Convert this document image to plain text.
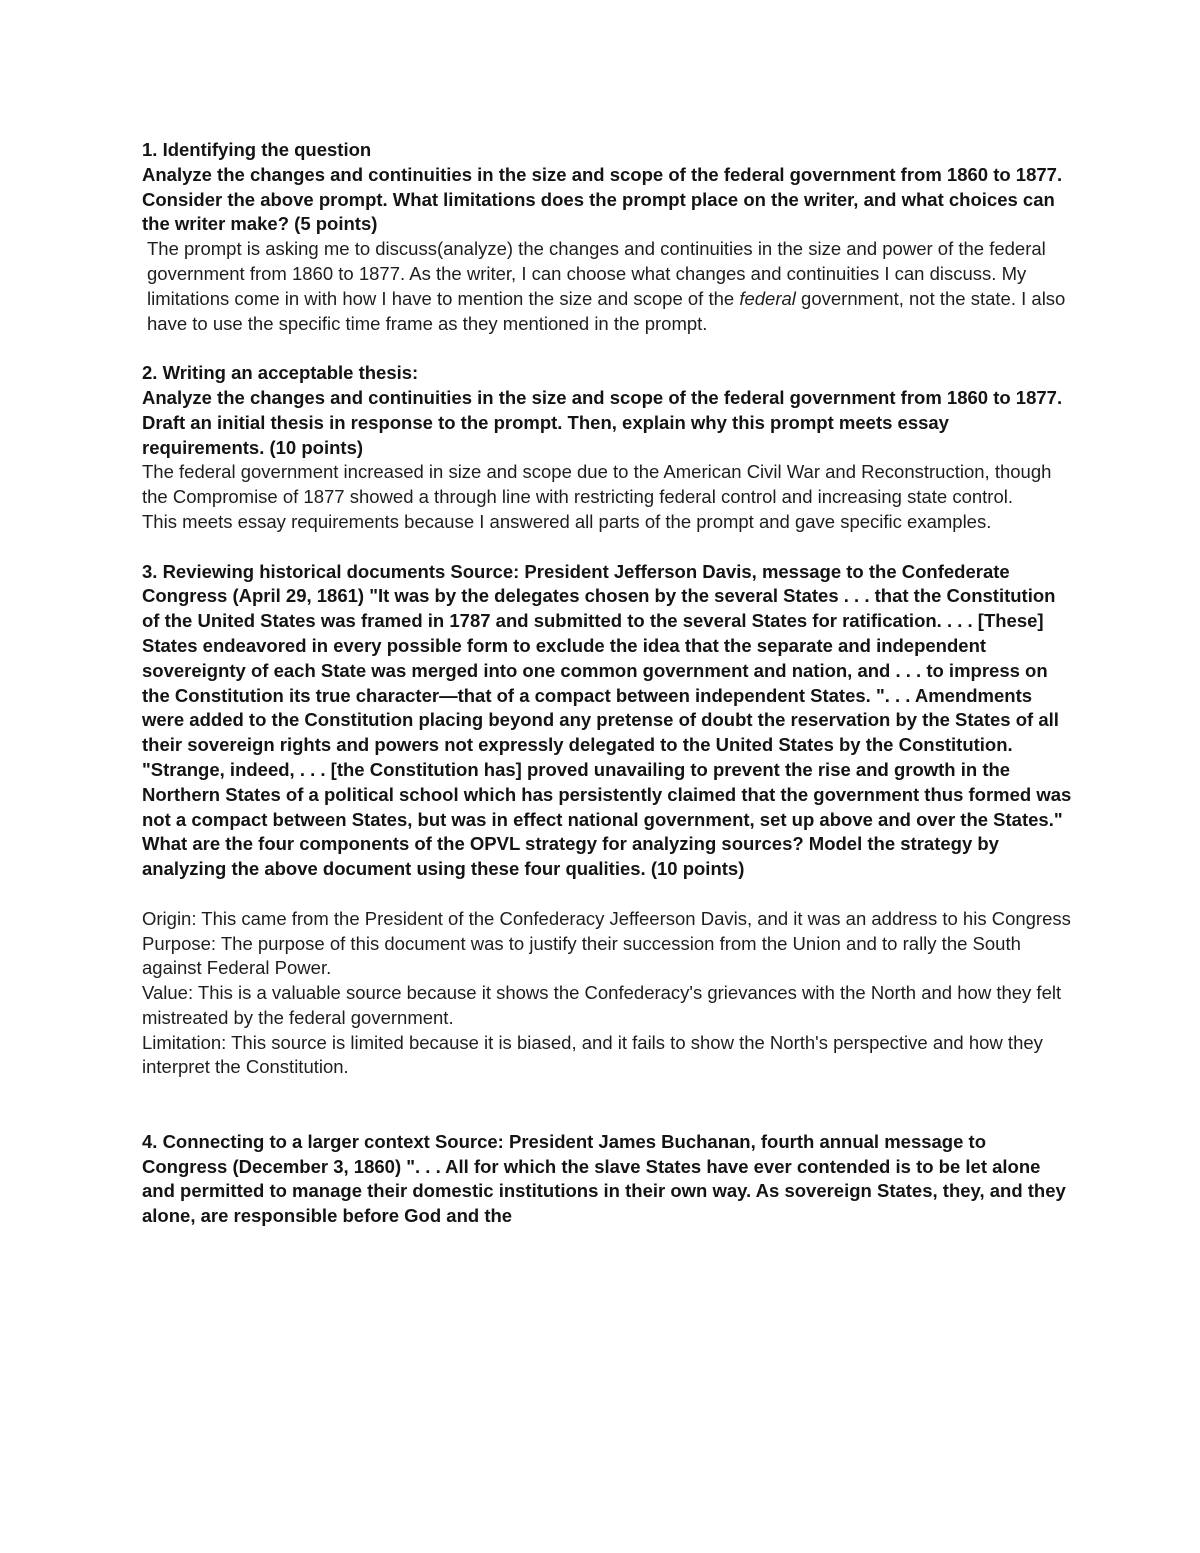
1. Identifying the question

Analyze the changes and continuities in the size and scope of the federal government from 1860 to 1877. Consider the above prompt. What limitations does the prompt place on the writer, and what choices can the writer make? (5 points)

The prompt is asking me to discuss(analyze) the changes and continuities in the size and power of the federal government from 1860 to 1877. As the writer, I can choose what changes and continuities I can discuss. My limitations come in with how I have to mention the size and scope of the federal government, not the state. I also have to use the specific time frame as they mentioned in the prompt.

2. Writing an acceptable thesis:

Analyze the changes and continuities in the size and scope of the federal government from 1860 to 1877. Draft an initial thesis in response to the prompt. Then, explain why this prompt meets essay requirements. (10 points)

The federal government increased in size and scope due to the American Civil War and Reconstruction, though the Compromise of 1877 showed a through line with restricting federal control and increasing state control.

This meets essay requirements because I answered all parts of the prompt and gave specific examples.

3. Reviewing historical documents Source: President Jefferson Davis, message to the Confederate Congress (April 29, 1861) "It was by the delegates chosen by the several States . . . that the Constitution of the United States was framed in 1787 and submitted to the several States for ratification. . . . [These] States endeavored in every possible form to exclude the idea that the separate and independent sovereignty of each State was merged into one common government and nation, and . . . to impress on the Constitution its true character—that of a compact between independent States. ". . . Amendments were added to the Constitution placing beyond any pretense of doubt the reservation by the States of all their sovereign rights and powers not expressly delegated to the United States by the Constitution. "Strange, indeed, . . . [the Constitution has] proved unavailing to prevent the rise and growth in the Northern States of a political school which has persistently claimed that the government thus formed was not a compact between States, but was in effect national government, set up above and over the States." What are the four components of the OPVL strategy for analyzing sources? Model the strategy by analyzing the above document using these four qualities. (10 points)

Origin: This came from the President of the Confederacy Jeffeerson Davis, and it was an address to his Congress

Purpose: The purpose of this document was to justify their succession from the Union and to rally the South against Federal Power.

Value: This is a valuable source because it shows the Confederacy's grievances with the North and how they felt mistreated by the federal government.

Limitation: This source is limited because it is biased, and it fails to show the North's perspective and how they interpret the Constitution.

4. Connecting to a larger context Source: President James Buchanan, fourth annual message to Congress (December 3, 1860) ". . . All for which the slave States have ever contended is to be let alone and permitted to manage their domestic institutions in their own way. As sovereign States, they, and they alone, are responsible before God and the
